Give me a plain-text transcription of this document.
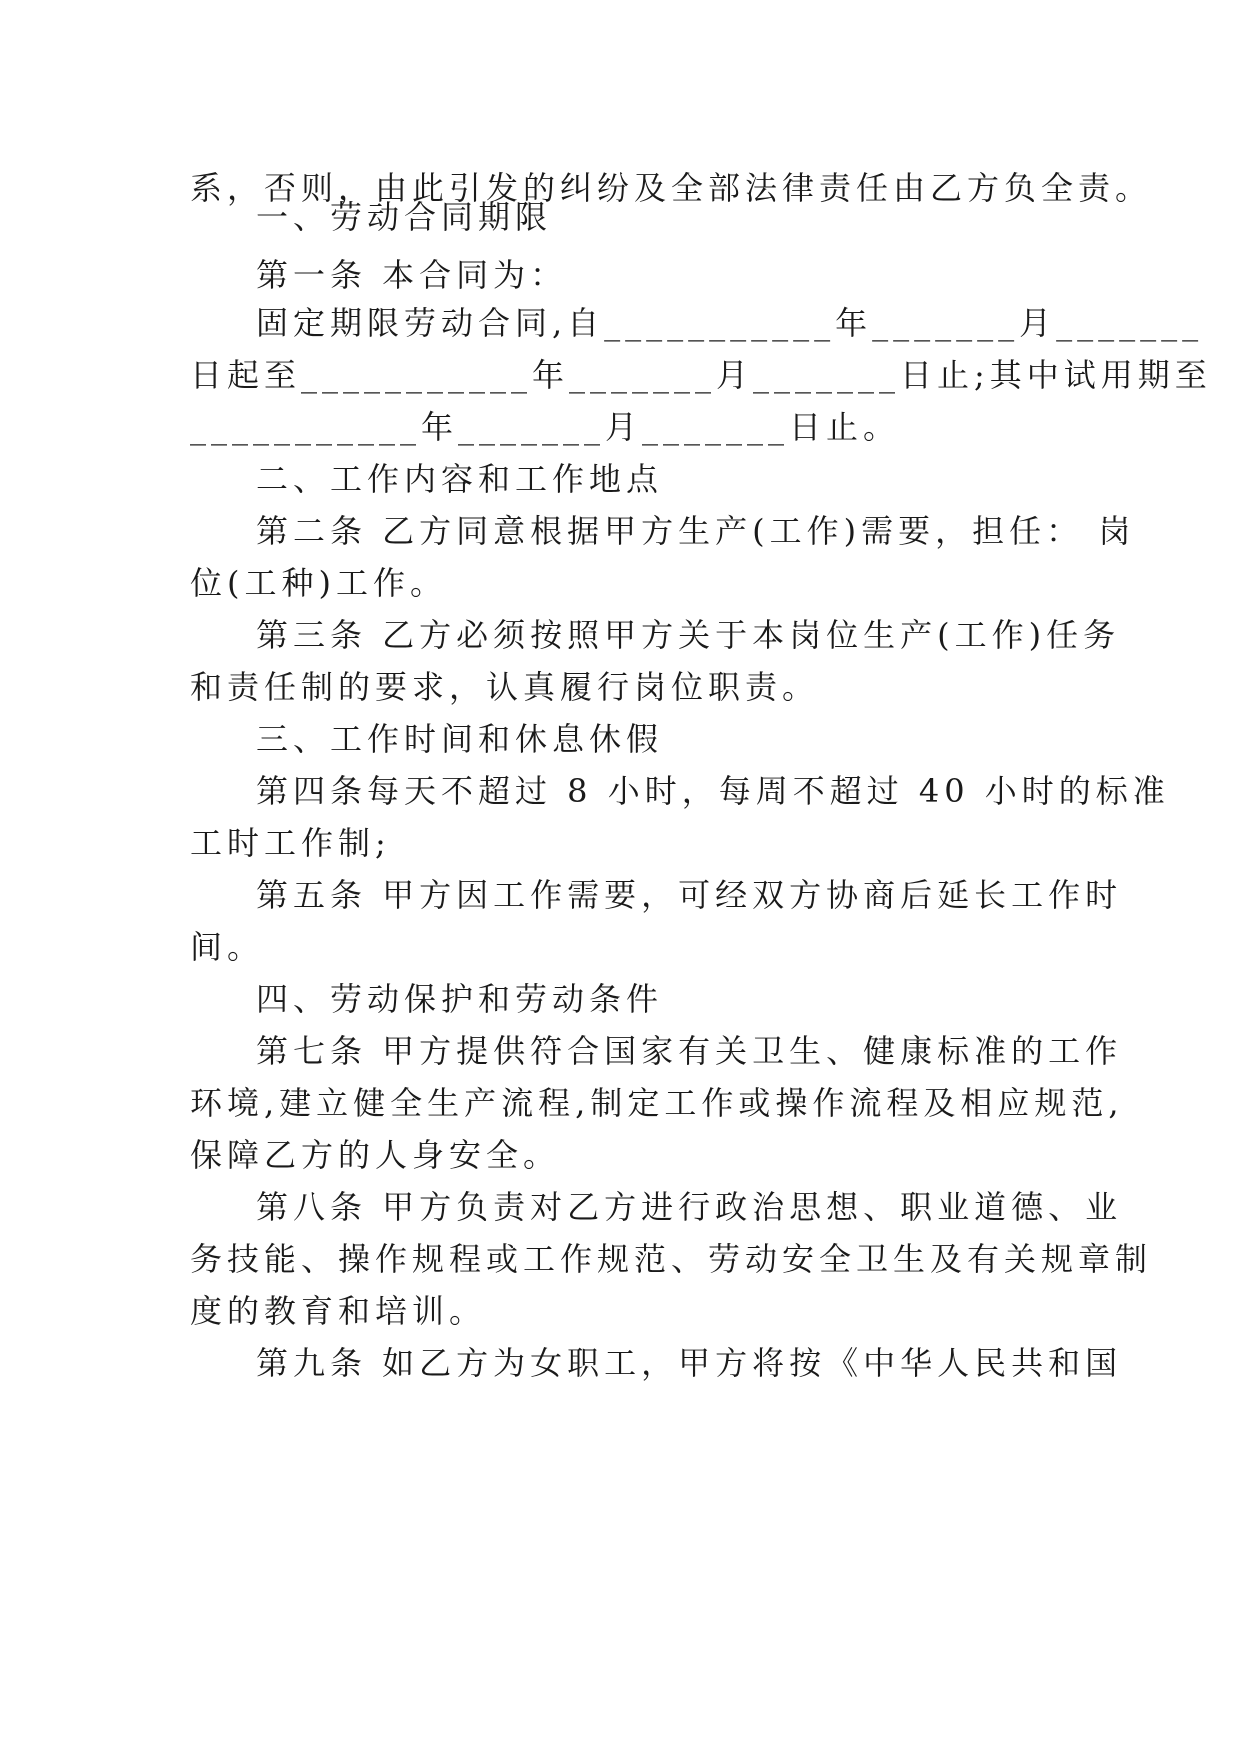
系，否则，由此引发的纠纷及全部法律责任由乙方负全责。
一、劳动合同期限
第一条 本合同为：
固定期限劳动合同,自___________年_______月_______
日起至___________年_______月_______日止;其中试用期至
___________年_______月_______日止。
二、工作内容和工作地点
第二条 乙方同意根据甲方生产(工作)需要，担任： 岗
位(工种)工作。
第三条 乙方必须按照甲方关于本岗位生产(工作)任务
和责任制的要求，认真履行岗位职责。
三、工作时间和休息休假
第四条每天不超过 8 小时，每周不超过 40 小时的标准
工时工作制;
第五条 甲方因工作需要，可经双方协商后延长工作时
间。
四、劳动保护和劳动条件
第七条 甲方提供符合国家有关卫生、健康标准的工作
环境,建立健全生产流程,制定工作或操作流程及相应规范,
保障乙方的人身安全。
第八条 甲方负责对乙方进行政治思想、职业道德、业
务技能、操作规程或工作规范、劳动安全卫生及有关规章制
度的教育和培训。
第九条 如乙方为女职工，甲方将按《中华人民共和国
